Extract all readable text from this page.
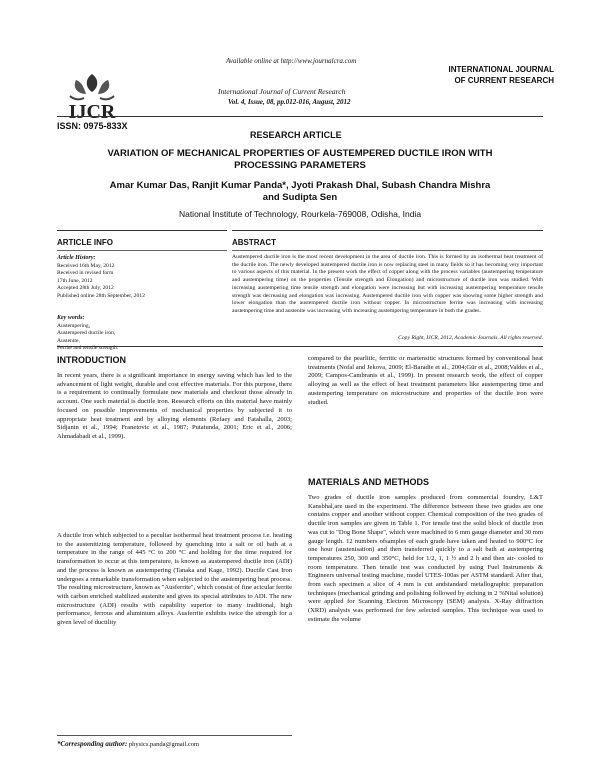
Available online at http://www.journalcra.com
IJCR
International Journal of Current Research
Vol. 4, Issue, 08, pp.012-016, August, 2012
INTERNATIONAL JOURNAL
OF CURRENT RESEARCH
ISSN: 0975-833X
RESEARCH ARTICLE
VARIATION OF MECHANICAL PROPERTIES OF AUSTEMPERED DUCTILE IRON WITH PROCESSING PARAMETERS
Amar Kumar Das, Ranjit Kumar Panda*, Jyoti Prakash Dhal, Subash Chandra Mishra
and Sudipta Sen
National Institute of Technology, Rourkela-769008, Odisha, India
ARTICLE INFO	ABSTRACT
Article History:
Received 16th May, 2012
Received in revised form
17th June, 2012
Accepted 28th July, 2012
Published online 28th September, 2012
Key words:
Austempering,
Austempered ductile iron,
Austenite,
Ferrite and tensile strength.

Austempered ductile iron is the most recent development in the area of ductile iron. This is formed by an isothermal heat treatment of the ductile iron. The newly developed austempered ductile iron is now replacing steel in many fields so it has becoming very important to various aspects of this material. In the present work the effect of copper along with the process variables (austempering temperature and austempering time) on the properties (Tensile strength and Elongation) and microstructure of ductile iron was studied. With increasing austempering time tensile strength and elongation were increasing but with increasing austempering temperature tensile strength was decreasing and elongation was increasing. Austempered ductile iron with copper was showing some higher strength and lower elongation than the austempered ductile iron without copper. In microstructure ferrite was increasing with increasing austempering time and austenite was increasing with increasing austempering temperature in both the grades.

Copy Right, IJCR, 2012, Academic Journals. All rights reserved.
INTRODUCTION

In recent years, there is a significant importance in energy saving which has led to the advancement of light weight, durable and cost effective materials. For this purpose, there is a requirement to continually formulate new materials and checkout those already in account. One such material is ductile iron. Research efforts on this material have mainly focused on possible improvements of mechanical properties by subjected it to appropriate heat treatment and by alloying elements (Refaey and Fatahalla, 2003; Sidjanin et al., 1994; Franetovic et al., 1987; Putatunda, 2001; Eric et al., 2006; Ahmadabadi et al., 1999).

A ductile iron which subjected to a peculiar isothermal heat treatment process i.e. heating to the austenitizing temperature, followed by quenching into a salt or oil bath at a temperature in the range of 445 °C to 200 °C and holding for the time required for transformation to occur at this temperature, is known as austempered ductile iron (ADI) and the process is known as austempering (Tanaka and Kage, 1992). Ductile Cast Iron undergoes a remarkable transformation when subjected to the austempering heat process. The resulting microstructure, known as "Ausferrite", which consist of fine acicular ferrite with carbon enriched stabilized austenite and gives its special attributes to ADI. The new microstructure (ADI) results with capability superior to many traditional, high performance, ferrous and aluminium alloys. Ausferrite exhibits twice the strength for a given level of ductility

compared to the pearlitic, ferritic or martensitic structures formed by conventional heat treatments (Nofal and Jekova, 2009; El-Baradie et al., 2004;Gür et al., 2008;Valdes et al., 2009; Campos-Cambranis et al., 1999). In present research work, the effect of copper alloying as well as the effect of heat treatment parameters like austempering time and austempering temperature on microstructure and properties of the ductile iron were studied.

MATERIALS AND METHODS

Two grades of ductile iron samples produced from commercial foundry, L&T Kansbhal,are used in the experiment. The difference between these two grades are one contains copper and another without copper. Chemical composition of the two grades of ductile iron samples are given in Table 1. For tensile test the solid block of ductile iron was cut to "Dog Bone Shape", which were machined to 6 mm gauge diameter and 30 mm gauge length. 12 numbers ofsamples of each grade have taken and heated to 900°C for one hour (austenisation) and then transferred quickly to a salt bath at austempering temperatures 250, 300 and 350°C, held for 1/2, 1, 1 ½ and 2 h and then air- cooled to room temperature. Then tensile test was conducted by using Fuel Instruments & Engineers universal testing machine, model UTES-100as per ASTM standard. After that, from each specimen a slice of 4 mm is cut andstandard metallographic preparation techniques (mechanical grinding and polishing followed by etching in 2 %Nital solution) were applied for Scanning Electron Microscopy (SEM) analysis. X-Ray diffraction (XRD) analysis was performed for few selected samples. This technique was used to estimate the volume

*Corresponding author: physics.panda@gmail.com
